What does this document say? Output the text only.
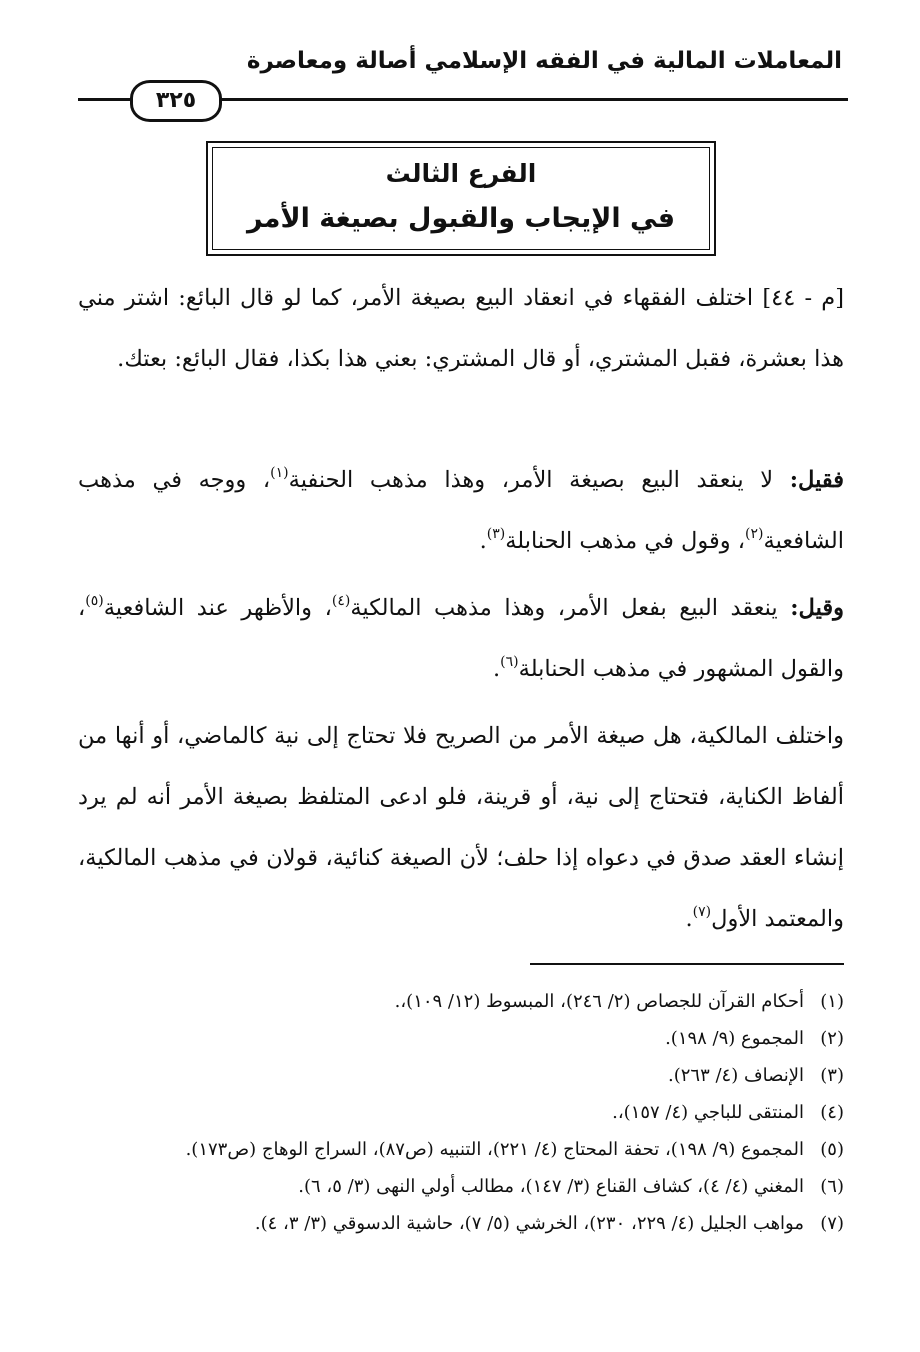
المعاملات المالية في الفقه الإسلامي أصالة ومعاصرة
٣٢٥
الفرع الثالث
في الإيجاب والقبول بصيغة الأمر

[م - ٤٤] اختلف الفقهاء في انعقاد البيع بصيغة الأمر، كما لو قال البائع: اشتر مني هذا بعشرة، فقبل المشتري، أو قال المشتري: بعني هذا بكذا، فقال البائع: بعتك.

فقيل: لا ينعقد البيع بصيغة الأمر، وهذا مذهب الحنفية$^{(١)}$، ووجه في مذهب الشافعية$^{(٢)}$، وقول في مذهب الحنابلة$^{(٣)}$.

وقيل: ينعقد البيع بفعل الأمر، وهذا مذهب المالكية$^{(٤)}$، والأظهر عند الشافعية$^{(٥)}$، والقول المشهور في مذهب الحنابلة$^{(٦)}$.

واختلف المالكية، هل صيغة الأمر من الصريح فلا تحتاج إلى نية كالماضي، أو أنها من ألفاظ الكناية، فتحتاج إلى نية، أو قرينة، فلو ادعى المتلفظ بصيغة الأمر أنه لم يرد إنشاء العقد صدق في دعواه إذا حلف؛ لأن الصيغة كنائية، قولان في مذهب المالكية، والمعتمد الأول$^{(٧)}$.

(١)
أحكام القرآن للجصاص (٢/ ٢٤٦)، المبسوط (١٢/ ١٠٩)،.
(٢)
المجموع (٩/ ١٩٨).
(٣)
الإنصاف (٤/ ٢٦٣).
(٤)
المنتقى للباجي (٤/ ١٥٧)،.
(٥)
المجموع (٩/ ١٩٨)، تحفة المحتاج (٤/ ٢٢١)، التنبيه (ص٨٧)، السراج الوهاج (ص١٧٣).
(٦)
المغني (٤/ ٤)، كشاف القناع (٣/ ١٤٧)، مطالب أولي النهى (٣/ ٥، ٦).
(٧)
مواهب الجليل (٤/ ٢٢٩، ٢٣٠)، الخرشي (٥/ ٧)، حاشية الدسوقي (٣/ ٣، ٤).
